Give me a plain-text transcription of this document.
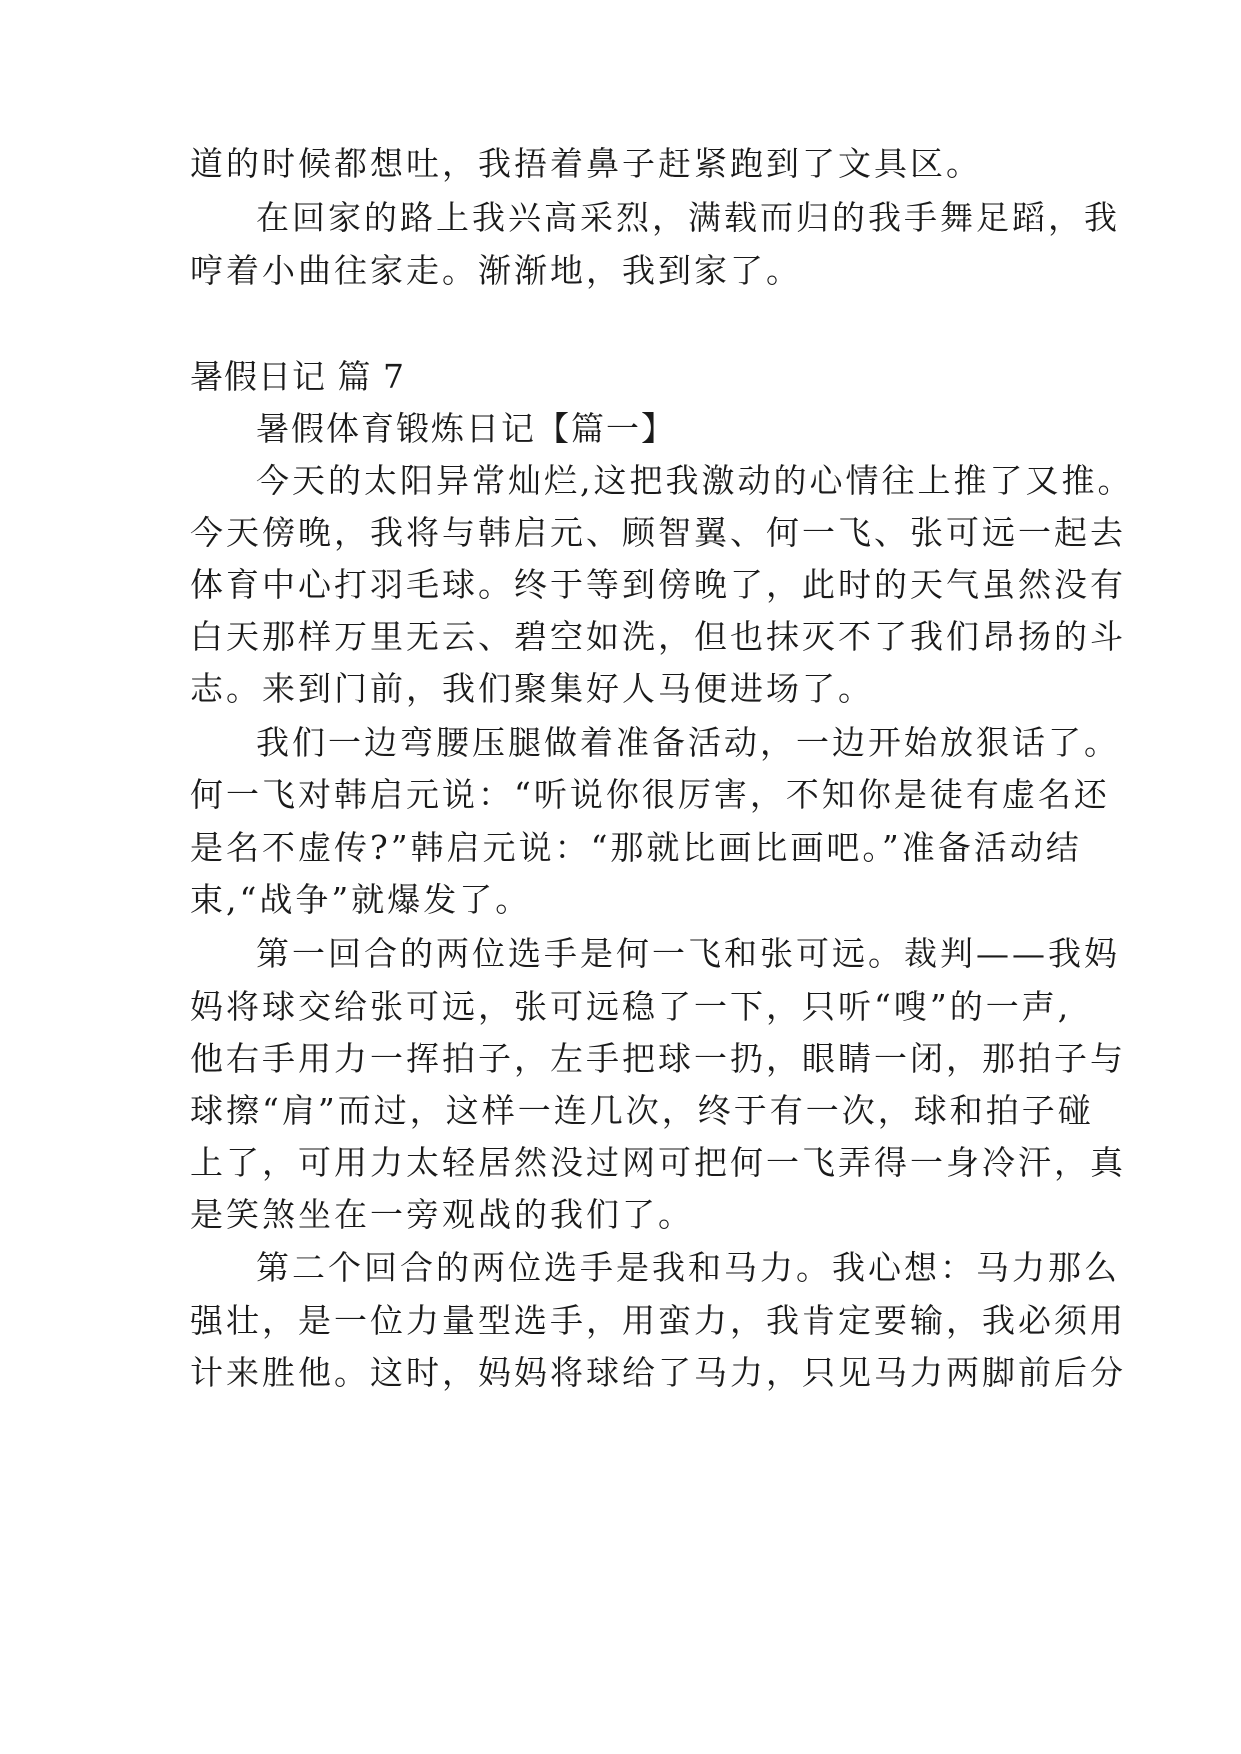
道的时候都想吐，我捂着鼻子赶紧跑到了文具区。
在回家的路上我兴高采烈，满载而归的我手舞足蹈，我
哼着小曲往家走。渐渐地，我到家了。
暑假日记 篇 7
暑假体育锻炼日记【篇一】
今天的太阳异常灿烂,这把我激动的心情往上推了又推。
今天傍晚，我将与韩启元、顾智翼、何一飞、张可远一起去
体育中心打羽毛球。终于等到傍晚了，此时的天气虽然没有
白天那样万里无云、碧空如洗，但也抹灭不了我们昂扬的斗
志。来到门前，我们聚集好人马便进场了。
我们一边弯腰压腿做着准备活动，一边开始放狠话了。
何一飞对韩启元说：“听说你很厉害，不知你是徒有虚名还
是名不虚传?”韩启元说：“那就比画比画吧。”准备活动结
束,“战争”就爆发了。
第一回合的两位选手是何一飞和张可远。裁判——我妈
妈将球交给张可远，张可远稳了一下，只听“嗖”的一声,
他右手用力一挥拍子，左手把球一扔，眼睛一闭，那拍子与
球擦“肩”而过，这样一连几次，终于有一次，球和拍子碰
上了，可用力太轻居然没过网可把何一飞弄得一身冷汗，真
是笑煞坐在一旁观战的我们了。
第二个回合的两位选手是我和马力。我心想：马力那么
强壮，是一位力量型选手，用蛮力，我肯定要输，我必须用
计来胜他。这时，妈妈将球给了马力，只见马力两脚前后分
